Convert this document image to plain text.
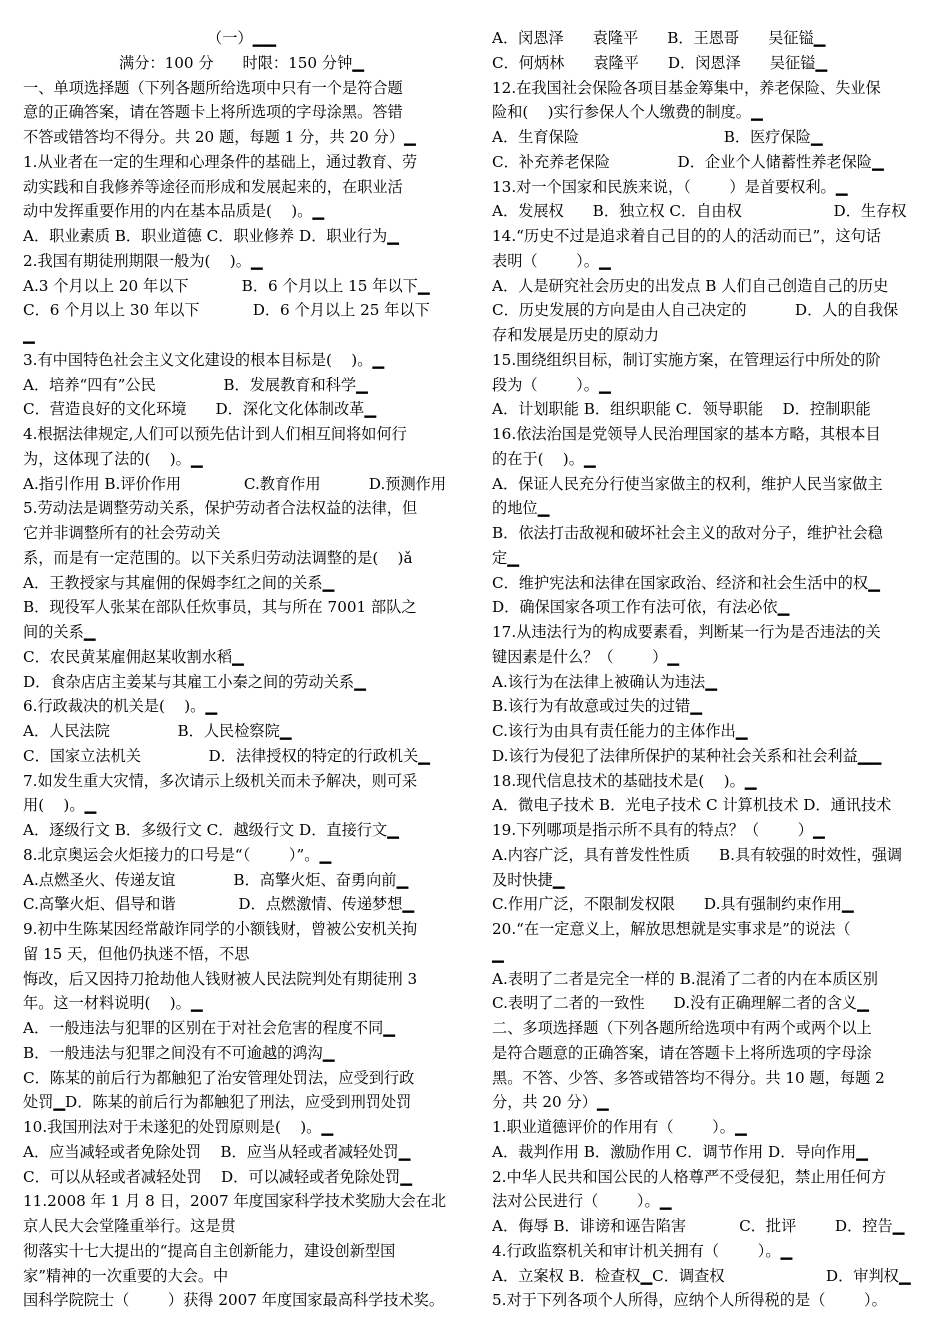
（一）▁▁
满分：100 分      时限：150 分钟▁
一、单项选择题（下列各题所给选项中只有一个是符合题
意的正确答案，请在答题卡上将所选项的字母涂黑。答错
不答或错答均不得分。共 20 题，每题 1 分，共 20 分）▁
1.从业者在一定的生理和心理条件的基础上，通过教育、劳
动实践和自我修养等途径而形成和发展起来的，在职业活
动中发挥重要作用的内在基本品质是(    )。▁
A．职业素质 B．职业道德 C．职业修养 D．职业行为▁
2.我国有期徒刑期限一般为(    )。▁
A.3 个月以上 20 年以下           B．6 个月以上 15 年以下▁
C．6 个月以上 30 年以下           D．6 个月以上 25 年以下
▁
3.有中国特色社会主义文化建设的根本目标是(    )。▁
A．培养“四有”公民              B．发展教育和科学▁
C．营造良好的文化环境      D．深化文化体制改革▁
4.根据法律规定,人们可以预先估计到人们相互间将如何行
为，这体现了法的(    )。▁
A.指引作用 B.评价作用             C.教育作用          D.预测作用
5.劳动法是调整劳动关系，保护劳动者合法权益的法律，但
它并非调整所有的社会劳动关
系，而是有一定范围的。以下关系归劳动法调整的是(    )ǎ
A．王教授家与其雇佣的保姆李红之间的关系▁
B．现役军人张某在部队任炊事员，其与所在 7001 部队之
间的关系▁
C．农民黄某雇佣赵某收割水稻▁
D．食杂店店主姜某与其雇工小秦之间的劳动关系▁
6.行政裁决的机关是(    )。▁
A．人民法院              B．人民检察院▁
C．国家立法机关              D．法律授权的特定的行政机关▁
7.如发生重大灾情，多次请示上级机关而未予解决，则可采
用(    )。▁
A．逐级行文 B．多级行文 C．越级行文 D．直接行文▁
8.北京奥运会火炬接力的口号是“（        ）”。▁
A.点燃圣火、传递友谊            B．高擎火炬、奋勇向前▁
C.高擎火炬、倡导和谐             D．点燃激情、传递梦想▁
9.初中生陈某因经常敲诈同学的小额钱财，曾被公安机关拘
留 15 天，但他仍执迷不悟，不思
悔改，后又因持刀抢劫他人钱财被人民法院判处有期徒刑 3
年。这一材料说明(    )。▁
A．一般违法与犯罪的区别在于对社会危害的程度不同▁
B．一般违法与犯罪之间没有不可逾越的鸿沟▁
C．陈某的前后行为都触犯了治安管理处罚法，应受到行政
处罚▁D．陈某的前后行为都触犯了刑法，应受到刑罚处罚
10.我国刑法对于未遂犯的处罚原则是(    )。▁
A．应当减轻或者免除处罚    B．应当从轻或者减轻处罚▁
C．可以从轻或者减轻处罚    D．可以减轻或者免除处罚▁
11.2008 年 1 月 8 日，2007 年度国家科学技术奖励大会在北
京人民大会堂隆重举行。这是贯
彻落实十七大提出的“提高自主创新能力，建设创新型国
家”精神的一次重要的大会。中
国科学院院士（        ）获得 2007 年度国家最高科学技术奖。
A．闵恩泽      袁隆平      B．王恩哥      吴征镒▁
C．何炳林      袁隆平      D．闵恩泽      吴征镒▁
12.在我国社会保险各项目基金筹集中，养老保险、失业保
险和(    )实行参保人个人缴费的制度。▁
A．生育保险                              B．医疗保险▁
C．补充养老保险              D．企业个人储蓄性养老保险▁
13.对一个国家和民族来说，（        ）是首要权利。▁
A．发展权      B．独立权 C．自由权                   D．生存权
14.“历史不过是追求着自己目的的人的活动而已”，这句话
表明（        ）。▁
A．人是研究社会历史的出发点 B 人们自己创造自己的历史
C．历史发展的方向是由人自己决定的          D．人的自我保
存和发展是历史的原动力
15.围绕组织目标，制订实施方案，在管理运行中所处的阶
段为（        ）。▁
A．计划职能 B．组织职能 C．领导职能    D．控制职能
16.依法治国是党领导人民治理国家的基本方略，其根本目
的在于(    )。▁
A．保证人民充分行使当家做主的权利，维护人民当家做主
的地位▁
B．依法打击敌视和破坏社会主义的敌对分子，维护社会稳
定▁
C．维护宪法和法律在国家政治、经济和社会生活中的权▁
D．确保国家各项工作有法可依，有法必依▁
17.从违法行为的构成要素看，判断某一行为是否违法的关
键因素是什么？（        ）▁
A.该行为在法律上被确认为违法▁
B.该行为有故意或过失的过错▁
C.该行为由具有责任能力的主体作出▁
D.该行为侵犯了法律所保护的某种社会关系和社会利益▁▁
18.现代信息技术的基础技术是(    )。▁
A．微电子技术 B．光电子技术 C 计算机技术 D．通讯技术
19.下列哪项是指示所不具有的特点？（        ）▁
A.内容广泛，具有普发性性质      B.具有较强的时效性，强调
及时快捷▁
C.作用广泛，不限制发权限      D.具有强制约束作用▁
20.“在一定意义上，解放思想就是实事求是”的说法（
▁
A.表明了二者是完全一样的 B.混淆了二者的内在本质区别
C.表明了二者的一致性      D.没有正确理解二者的含义▁
二、多项选择题（下列各题所给选项中有两个或两个以上
是符合题意的正确答案，请在答题卡上将所选项的字母涂
黑。不答、少答、多答或错答均不得分。共 10 题，每题 2
分，共 20 分）▁
1.职业道德评价的作用有（        ）。▁
A．裁判作用 B．激励作用 C．调节作用 D．导向作用▁
2.中华人民共和国公民的人格尊严不受侵犯，禁止用任何方
法对公民进行（        ）。▁
A．侮辱 B．诽谤和诬告陷害           C．批评        D．控告▁
4.行政监察机关和审计机关拥有（        ）。▁
A．立案权 B．检查权▁C．调查权                     D．审判权▁
5.对于下列各项个人所得，应纳个人所得税的是（        ）。
